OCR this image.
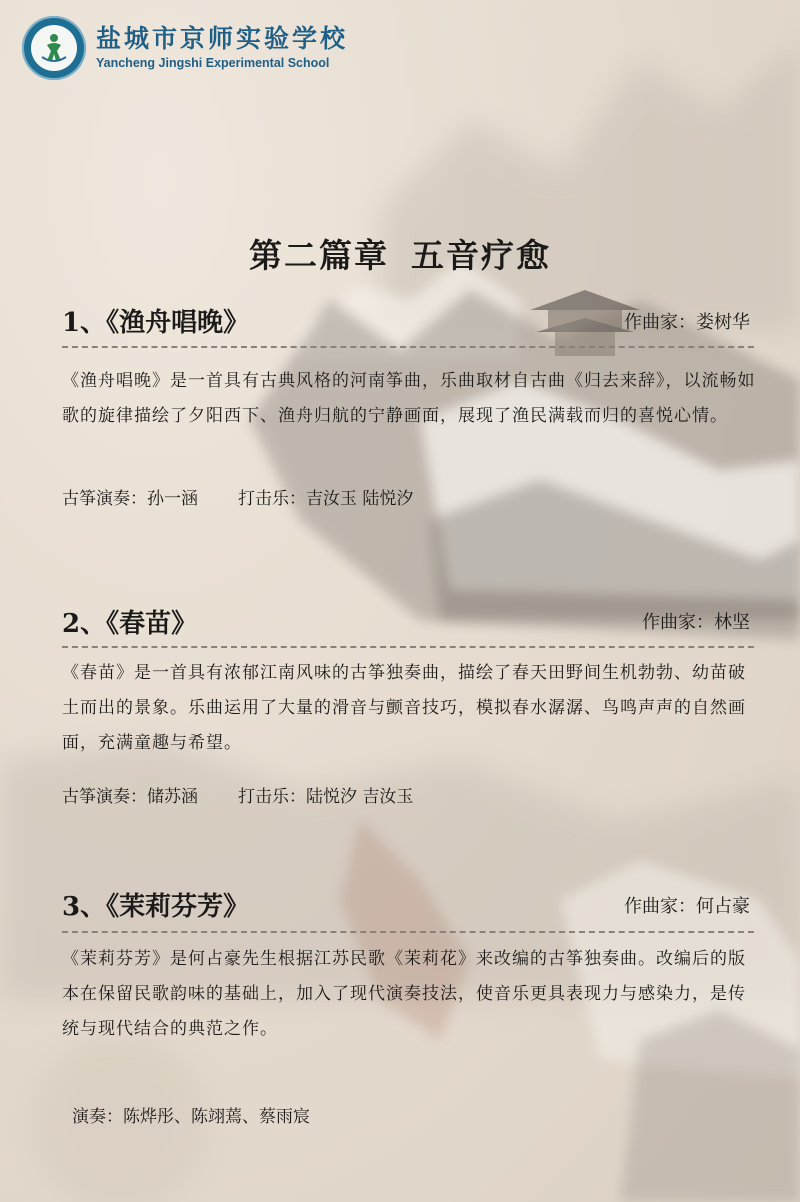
盐城市京师实验学校
Yancheng Jingshi Experimental School
第二篇章 五音疗愈
1、《渔舟唱晚》	作曲家：娄树华
《渔舟唱晚》是一首具有古典风格的河南筝曲，乐曲取材自古曲《归去来辞》，以流畅如歌的旋律描绘了夕阳西下、渔舟归航的宁静画面，展现了渔民满载而归的喜悦心情。
古筝演奏：孙一涵 打击乐：吉汝玉 陆悦汐
2、《春苗》	作曲家：林坚
《春苗》是一首具有浓郁江南风味的古筝独奏曲，描绘了春天田野间生机勃勃、幼苗破土而出的景象。乐曲运用了大量的滑音与颤音技巧，模拟春水潺潺、鸟鸣声声的自然画面，充满童趣与希望。
古筝演奏：储苏涵 打击乐：陆悦汐 吉汝玉
3、《茉莉芬芳》	作曲家：何占豪
《茉莉芬芳》是何占豪先生根据江苏民歌《茉莉花》来改编的古筝独奏曲。改编后的版本在保留民歌韵味的基础上，加入了现代演奏技法，使音乐更具表现力与感染力，是传统与现代结合的典范之作。
演奏：陈烨彤、陈翊蔫、蔡雨宸
